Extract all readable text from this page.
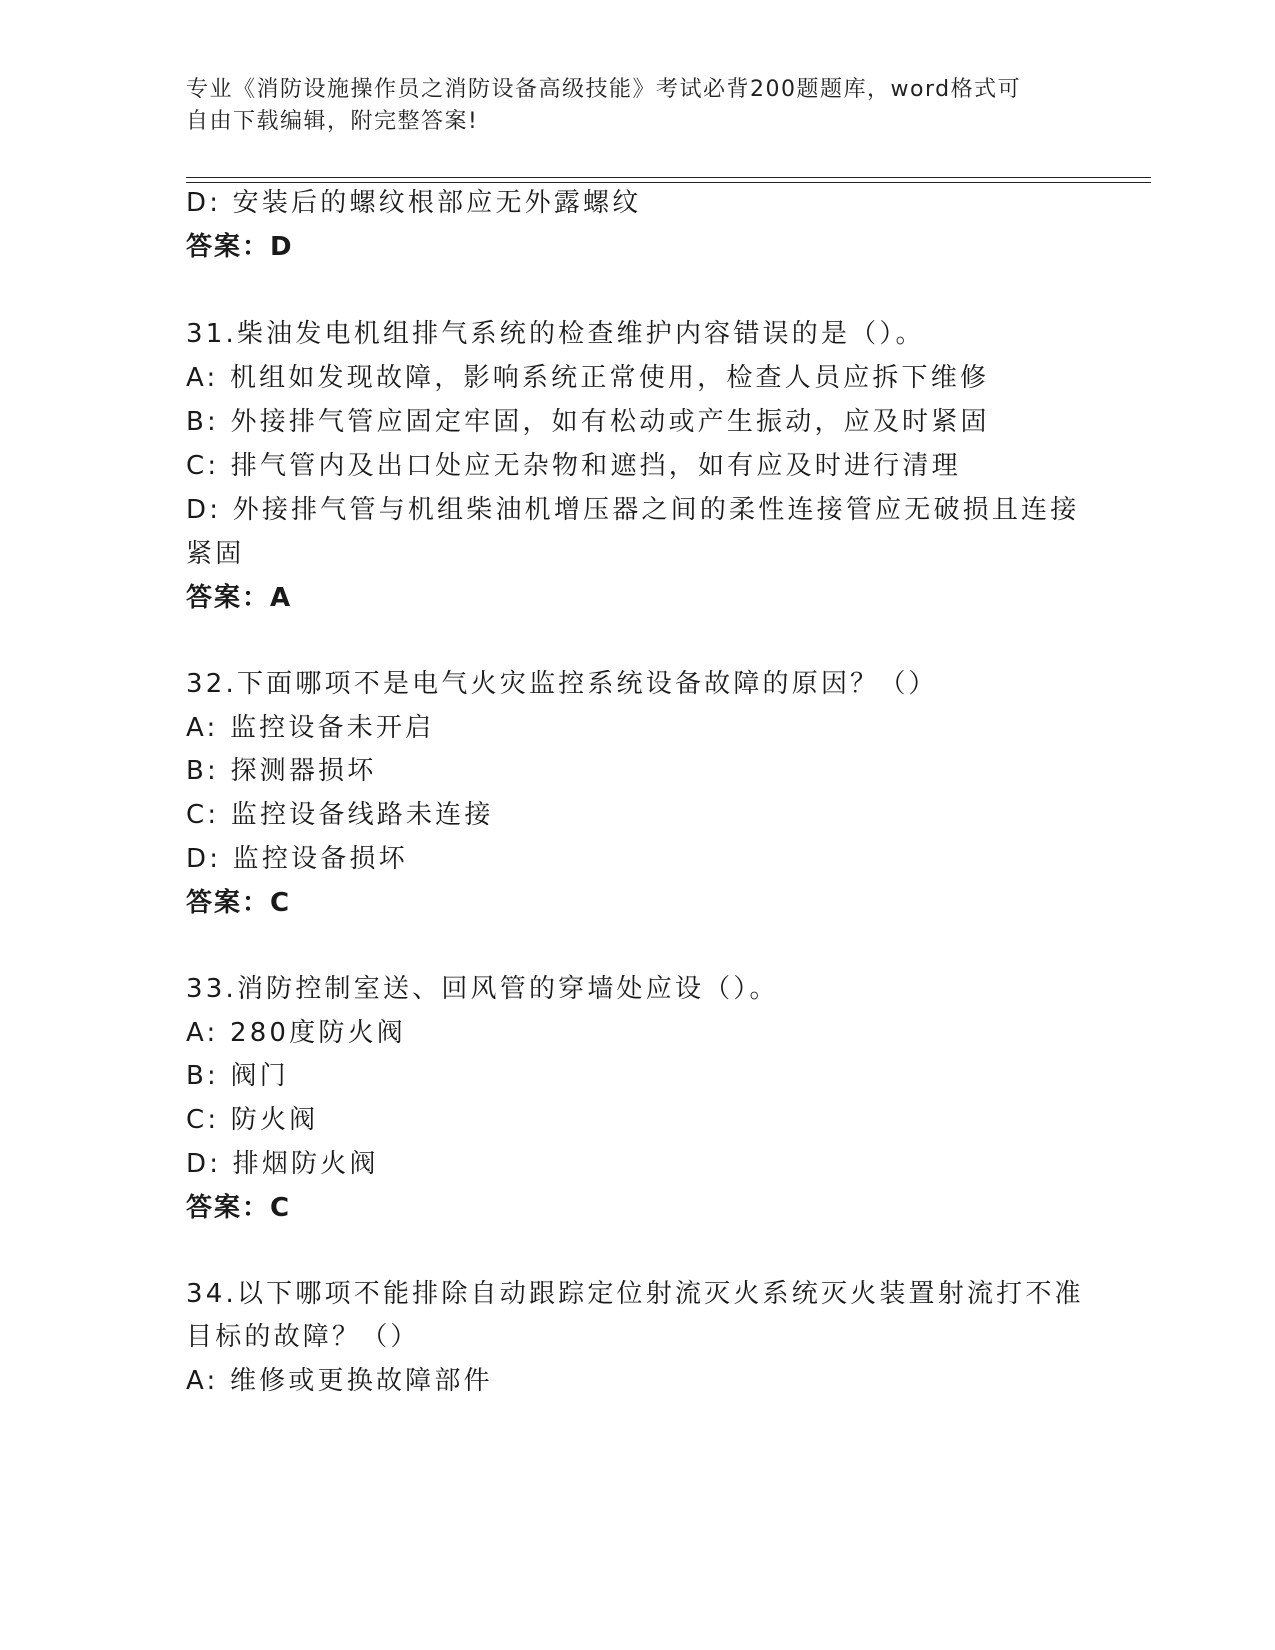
专业《消防设施操作员之消防设备高级技能》考试必背200题题库，word格式可
自由下载编辑，附完整答案!
D: 安装后的螺纹根部应无外露螺纹
答案：D
31.柴油发电机组排气系统的检查维护内容错误的是（）。
A: 机组如发现故障，影响系统正常使用，检查人员应拆下维修
B: 外接排气管应固定牢固，如有松动或产生振动，应及时紧固
C: 排气管内及出口处应无杂物和遮挡，如有应及时进行清理
D: 外接排气管与机组柴油机增压器之间的柔性连接管应无破损且连接
紧固
答案：A
32.下面哪项不是电气火灾监控系统设备故障的原因？（）
A: 监控设备未开启
B: 探测器损坏
C: 监控设备线路未连接
D: 监控设备损坏
答案：C
33.消防控制室送、回风管的穿墙处应设（）。
A: 280度防火阀
B: 阀门
C: 防火阀
D: 排烟防火阀
答案：C
34.以下哪项不能排除自动跟踪定位射流灭火系统灭火装置射流打不准
目标的故障？（）
A: 维修或更换故障部件
